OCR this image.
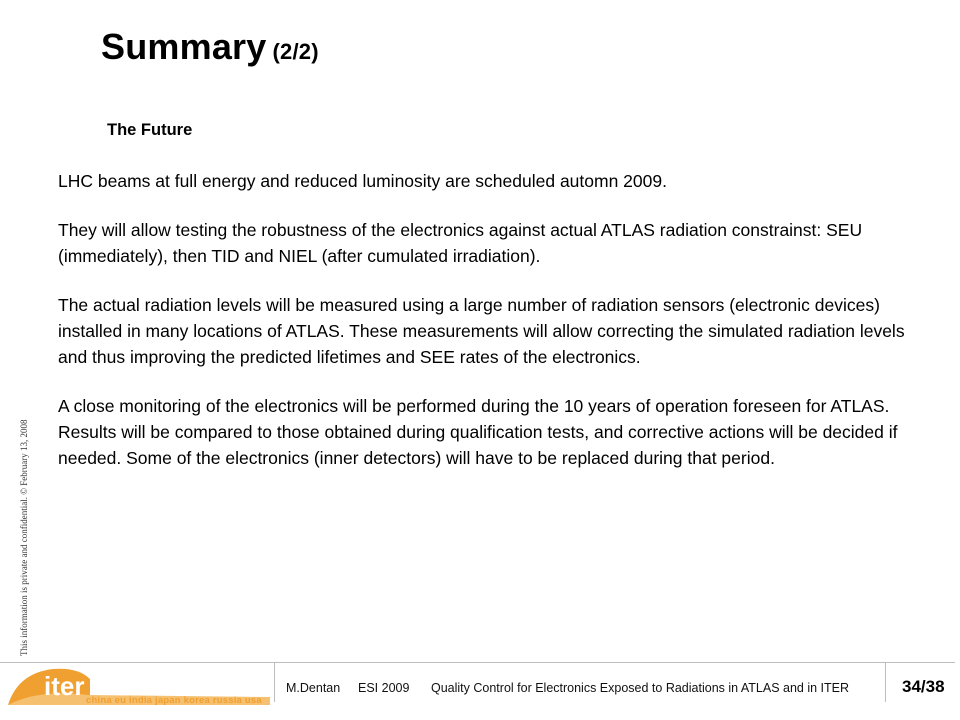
Summary (2/2)
The Future

LHC beams at full energy and reduced luminosity are scheduled automn 2009.

They will allow testing the robustness of the electronics against actual ATLAS radiation constrainst: SEU (immediately), then TID and NIEL (after cumulated irradiation).

The actual radiation levels will be measured using a large number of radiation sensors (electronic devices) installed in many locations of ATLAS. These measurements will allow correcting the simulated radiation levels and thus improving the predicted lifetimes and SEE rates of the electronics.

A close monitoring of the electronics will be performed during the 10 years of operation foreseen for ATLAS. Results will be compared to those obtained during qualification tests, and corrective actions will be decided if needed. Some of the electronics (inner detectors) will have to be replaced during that period.

This information is private and confidential. © February 13, 2008
iter china eu india japan korea russia usa
M.Dentan ESI 2009 Quality Control for Electronics Exposed to Radiations in ATLAS and in ITER	34/38
